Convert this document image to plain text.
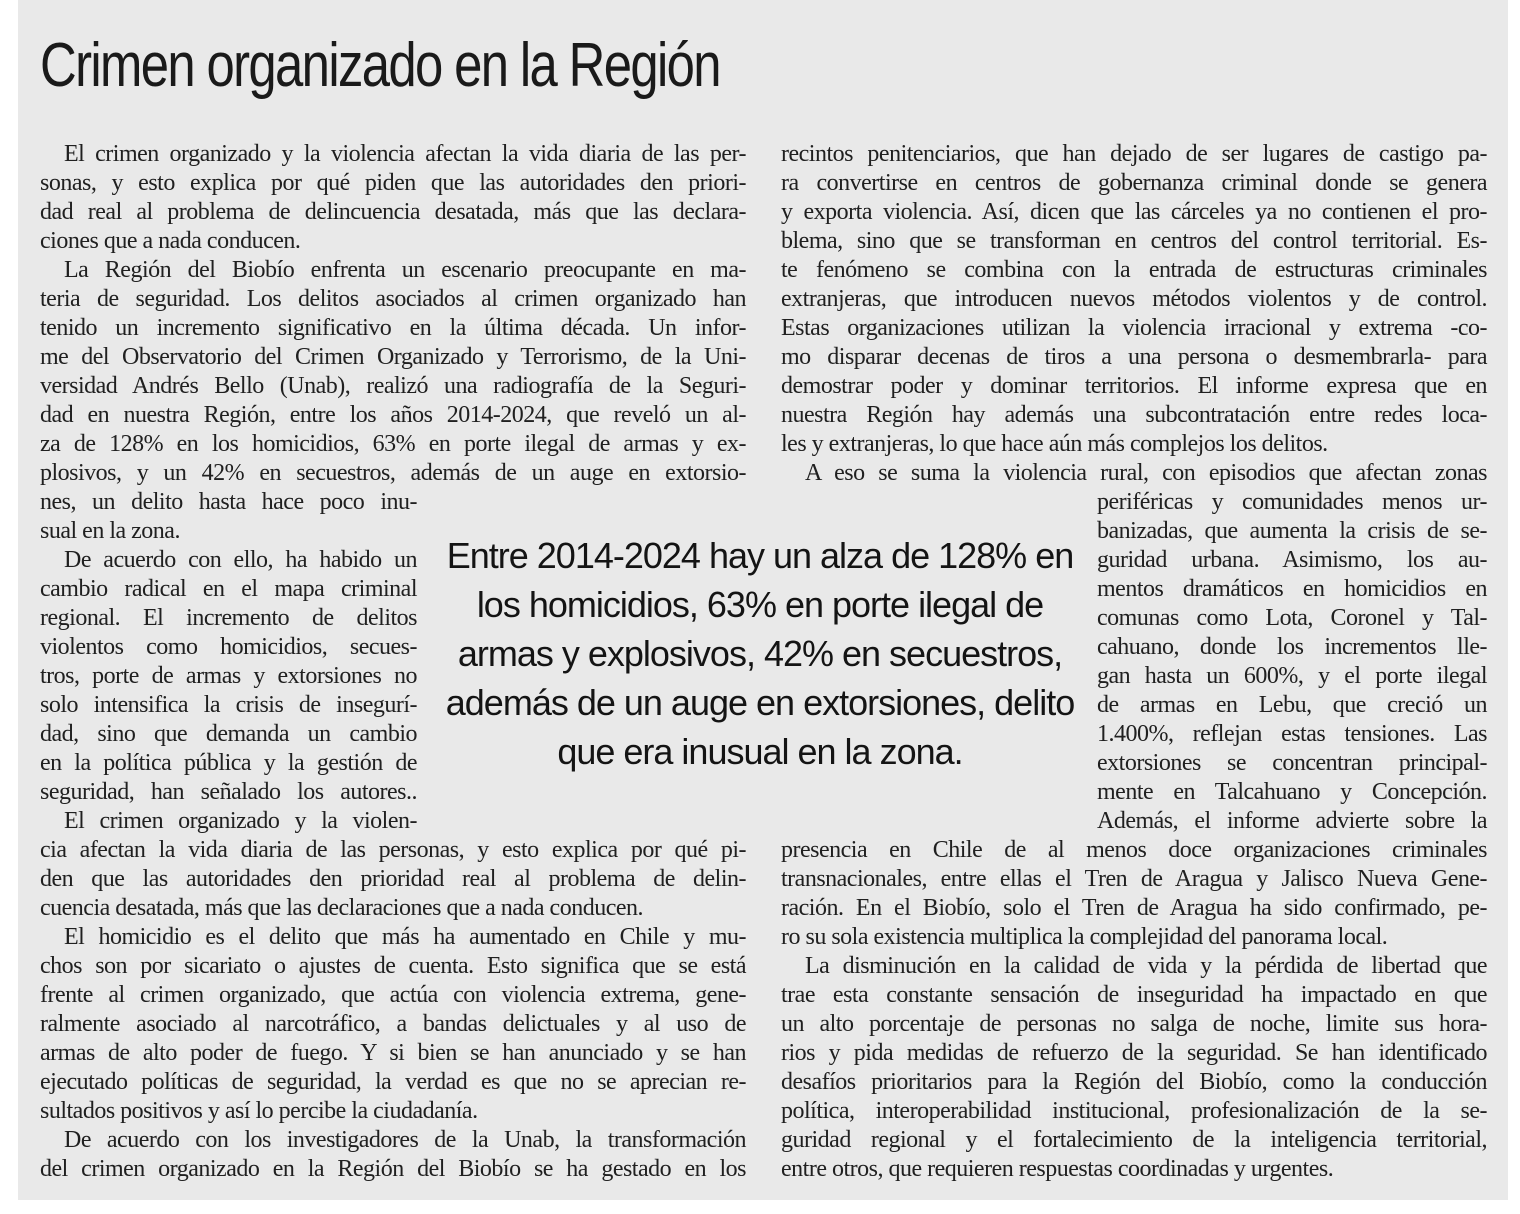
Crimen organizado en la Región

El crimen organizado y la violencia afectan la vida diaria de las per-

sonas, y esto explica por qué piden que las autoridades den priori-

dad real al problema de delincuencia desatada, más que las declara-

ciones que a nada conducen.

La Región del Biobío enfrenta un escenario preocupante en ma-

teria de seguridad. Los delitos asociados al crimen organizado han

tenido un incremento significativo en la última década. Un infor-

me del Observatorio del Crimen Organizado y Terrorismo, de la Uni-

versidad Andrés Bello (Unab), realizó una radiografía de la Seguri-

dad en nuestra Región, entre los años 2014-2024, que reveló un al-

za de 128% en los homicidios, 63% en porte ilegal de armas y ex-

plosivos, y un 42% en secuestros, además de un auge en extorsio-

nes, un delito hasta hace poco inu-

sual en la zona.

De acuerdo con ello, ha habido un

cambio radical en el mapa criminal

regional. El incremento de delitos

violentos como homicidios, secues-

tros, porte de armas y extorsiones no

solo intensifica la crisis de insegurí-

dad, sino que demanda un cambio

en la política pública y la gestión de

seguridad, han señalado los autores..

El crimen organizado y la violen-

cia afectan la vida diaria de las personas, y esto explica por qué pi-

den que las autoridades den prioridad real al problema de delin-

cuencia desatada, más que las declaraciones que a nada conducen.

El homicidio es el delito que más ha aumentado en Chile y mu-

chos son por sicariato o ajustes de cuenta. Esto significa que se está

frente al crimen organizado, que actúa con violencia extrema, gene-

ralmente asociado al narcotráfico, a bandas delictuales y al uso de

armas de alto poder de fuego. Y si bien se han anunciado y se han

ejecutado políticas de seguridad, la verdad es que no se aprecian re-

sultados positivos y así lo percibe la ciudadanía.

De acuerdo con los investigadores de la Unab, la transformación

del crimen organizado en la Región del Biobío se ha gestado en los

recintos penitenciarios, que han dejado de ser lugares de castigo pa-

ra convertirse en centros de gobernanza criminal donde se genera

y exporta violencia. Así, dicen que las cárceles ya no contienen el pro-

blema, sino que se transforman en centros del control territorial. Es-

te fenómeno se combina con la entrada de estructuras criminales

extranjeras, que introducen nuevos métodos violentos y de control.

Estas organizaciones utilizan la violencia irracional y extrema -co-

mo disparar decenas de tiros a una persona o desmembrarla- para

demostrar poder y dominar territorios. El informe expresa que en

nuestra Región hay además una subcontratación entre redes loca-

les y extranjeras, lo que hace aún más complejos los delitos.

A eso se suma la violencia rural, con episodios que afectan zonas

periféricas y comunidades menos ur-

banizadas, que aumenta la crisis de se-

guridad urbana. Asimismo, los au-

mentos dramáticos en homicidios en

comunas como Lota, Coronel y Tal-

cahuano, donde los incrementos lle-

gan hasta un 600%, y el porte ilegal

de armas en Lebu, que creció un

1.400%, reflejan estas tensiones. Las

extorsiones se concentran principal-

mente en Talcahuano y Concepción.

Además, el informe advierte sobre la

presencia en Chile de al menos doce organizaciones criminales

transnacionales, entre ellas el Tren de Aragua y Jalisco Nueva Gene-

ración. En el Biobío, solo el Tren de Aragua ha sido confirmado, pe-

ro su sola existencia multiplica la complejidad del panorama local.

La disminución en la calidad de vida y la pérdida de libertad que

trae esta constante sensación de inseguridad ha impactado en que

un alto porcentaje de personas no salga de noche, limite sus hora-

rios y pida medidas de refuerzo de la seguridad. Se han identificado

desafíos prioritarios para la Región del Biobío, como la conducción

política, interoperabilidad institucional, profesionalización de la se-

guridad regional y el fortalecimiento de la inteligencia territorial,

entre otros, que requieren respuestas coordinadas y urgentes.

Entre 2014-2024 hay un alza de 128% en

los homicidios, 63% en porte ilegal de

armas y explosivos, 42% en secuestros,

además de un auge en extorsiones, delito

que era inusual en la zona.
